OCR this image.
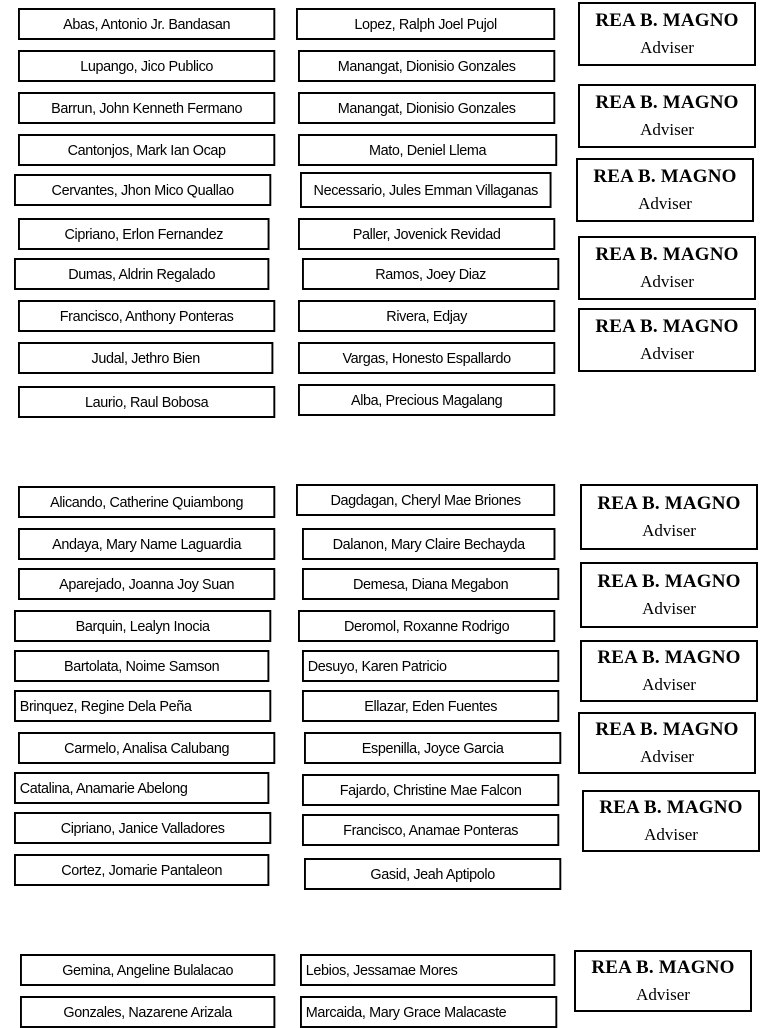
Abas, Antonio Jr. Bandasan
Lupango, Jico Publico
Barrun, John Kenneth Fermano
Cantonjos, Mark Ian Ocap
Cervantes, Jhon Mico Quallao
Cipriano, Erlon Fernandez
Dumas, Aldrin Regalado
Francisco, Anthony Ponteras
Judal, Jethro Bien
Laurio, Raul Bobosa
Lopez, Ralph Joel Pujol
Manangat, Dionisio Gonzales
Manangat, Dionisio Gonzales
Mato, Deniel Llema
Necessario, Jules Emman Villaganas
Paller, Jovenick Revidad
Ramos, Joey Diaz
Rivera, Edjay
Vargas, Honesto Espallardo
Alba, Precious Magalang
Alicando, Catherine Quiambong
Andaya, Mary Name Laguardia
Aparejado, Joanna Joy Suan
Barquin, Lealyn Inocia
Bartolata, Noime Samson
Brinquez, Regine Dela Peña
Carmelo, Analisa Calubang
Catalina, Anamarie Abelong
Cipriano, Janice Valladores
Cortez, Jomarie Pantaleon
Dagdagan, Cheryl Mae Briones
Dalanon, Mary Claire Bechayda
Demesa, Diana Megabon
Deromol, Roxanne Rodrigo
Desuyo, Karen Patricio
Ellazar, Eden Fuentes
Espenilla, Joyce Garcia
Fajardo, Christine Mae Falcon
Francisco, Anamae Ponteras
Gasid, Jeah Aptipolo
Gemina, Angeline Bulalacao
Gonzales, Nazarene Arizala
Lebios, Jessamae Mores
Marcaida, Mary Grace Malacaste
REA B. MAGNO
Adviser
REA B. MAGNO
Adviser
REA B. MAGNO
Adviser
REA B. MAGNO
Adviser
REA B. MAGNO
Adviser
REA B. MAGNO
Adviser
REA B. MAGNO
Adviser
REA B. MAGNO
Adviser
REA B. MAGNO
Adviser
REA B. MAGNO
Adviser
REA B. MAGNO
Adviser
